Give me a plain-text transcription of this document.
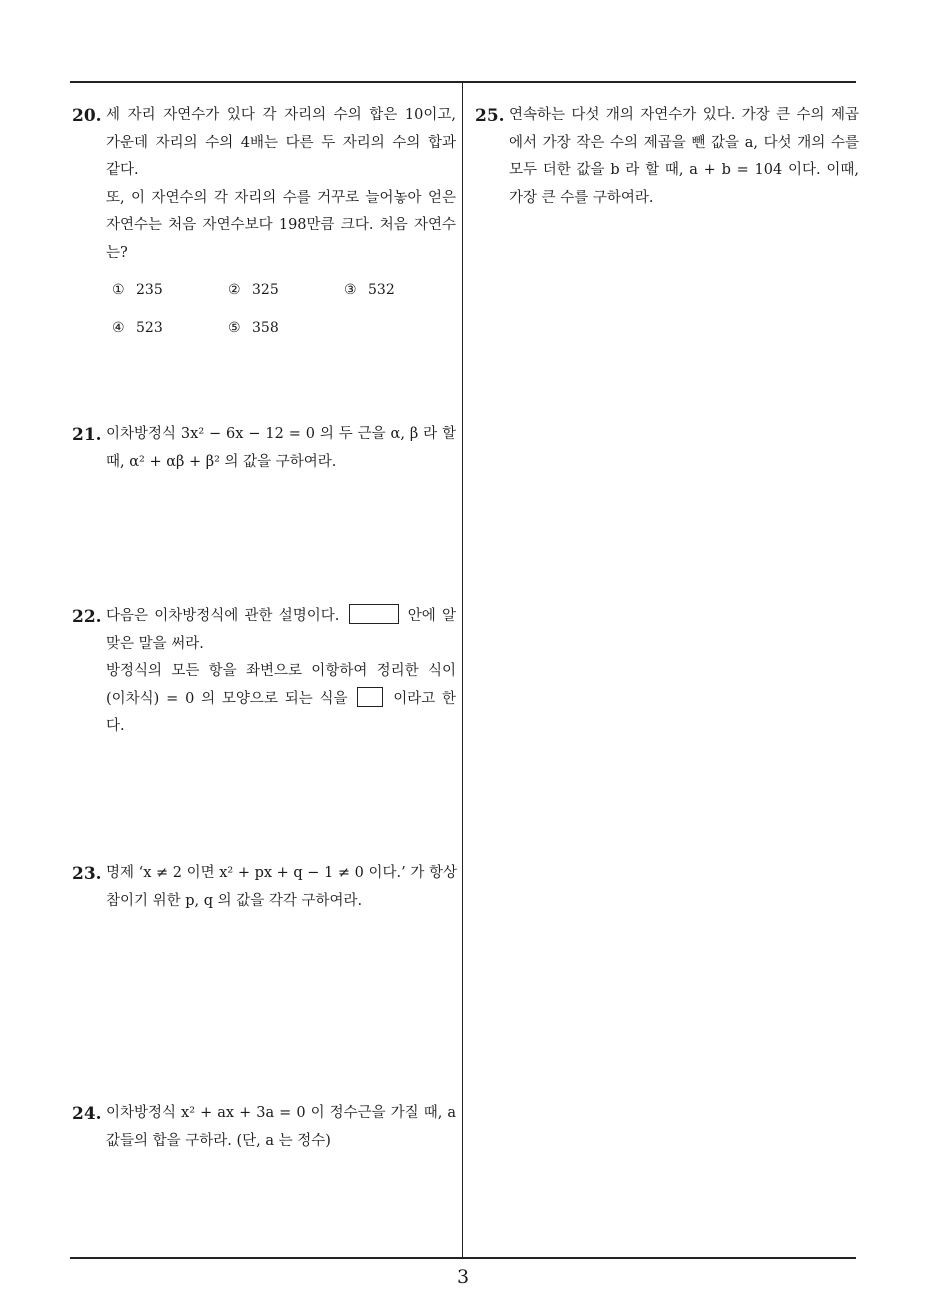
20. 세 자리 자연수가 있다 각 자리의 수의 합은 10이고,
가운데 자리의 수의 4배는 다른 두 자리의 수의 합과
같다.
또, 이 자연수의 각 자리의 수를 거꾸로 늘어놓아 얻은
자연수는 처음 자연수보다 198만큼 크다. 처음 자연수
는?
① 235	② 325	③ 532
④ 523	⑤ 358
21. 이차방정식 3x² − 6x − 12 = 0 의 두 근을 α, β 라 할
때, α² + αβ + β² 의 값을 구하여라.
22. 다음은 이차방정식에 관한 설명이다.	안에 알
맞은 말을 써라.
방정식의 모든 항을 좌변으로 이항하여 정리한 식이
(이차식) = 0 의 모양으로 되는 식을	이라고 한
다.
23. 명제 ‘x ≠ 2 이면 x² + px + q − 1 ≠ 0 이다.’ 가 항상
참이기 위한 p, q 의 값을 각각 구하여라.
24. 이차방정식 x² + ax + 3a = 0 이 정수근을 가질 때, a
값들의 합을 구하라. (단, a 는 정수)
25. 연속하는 다섯 개의 자연수가 있다. 가장 큰 수의 제곱
에서 가장 작은 수의 제곱을 뺀 값을 a, 다섯 개의 수를
모두 더한 값을 b 라 할 때, a + b = 104 이다. 이때,
가장 큰 수를 구하여라.
3
